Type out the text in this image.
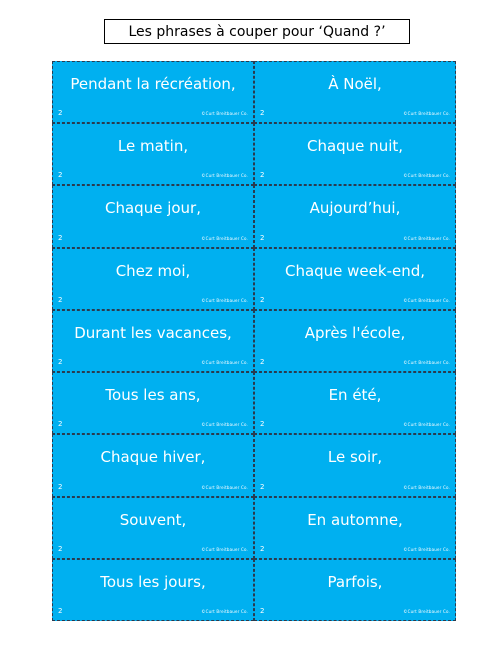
Les phrases à couper pour ‘Quand ?’
Pendant la récréation,
2	©Curt Breitbauer Co.
À Noël,
2	©Curt Breitbauer Co.
Le matin,
2	©Curt Breitbauer Co.
Chaque nuit,
2	©Curt Breitbauer Co.
Chaque jour,
2	©Curt Breitbauer Co.
Aujourd’hui,
2	©Curt Breitbauer Co.
Chez moi,
2	©Curt Breitbauer Co.
Chaque week-end,
2	©Curt Breitbauer Co.
Durant les vacances,
2	©Curt Breitbauer Co.
Après l'école,
2	©Curt Breitbauer Co.
Tous les ans,
2	©Curt Breitbauer Co.
En été,
2	©Curt Breitbauer Co.
Chaque hiver,
2	©Curt Breitbauer Co.
Le soir,
2	©Curt Breitbauer Co.
Souvent,
2	©Curt Breitbauer Co.
En automne,
2	©Curt Breitbauer Co.
Tous les jours,
2	©Curt Breitbauer Co.
Parfois,
2	©Curt Breitbauer Co.
